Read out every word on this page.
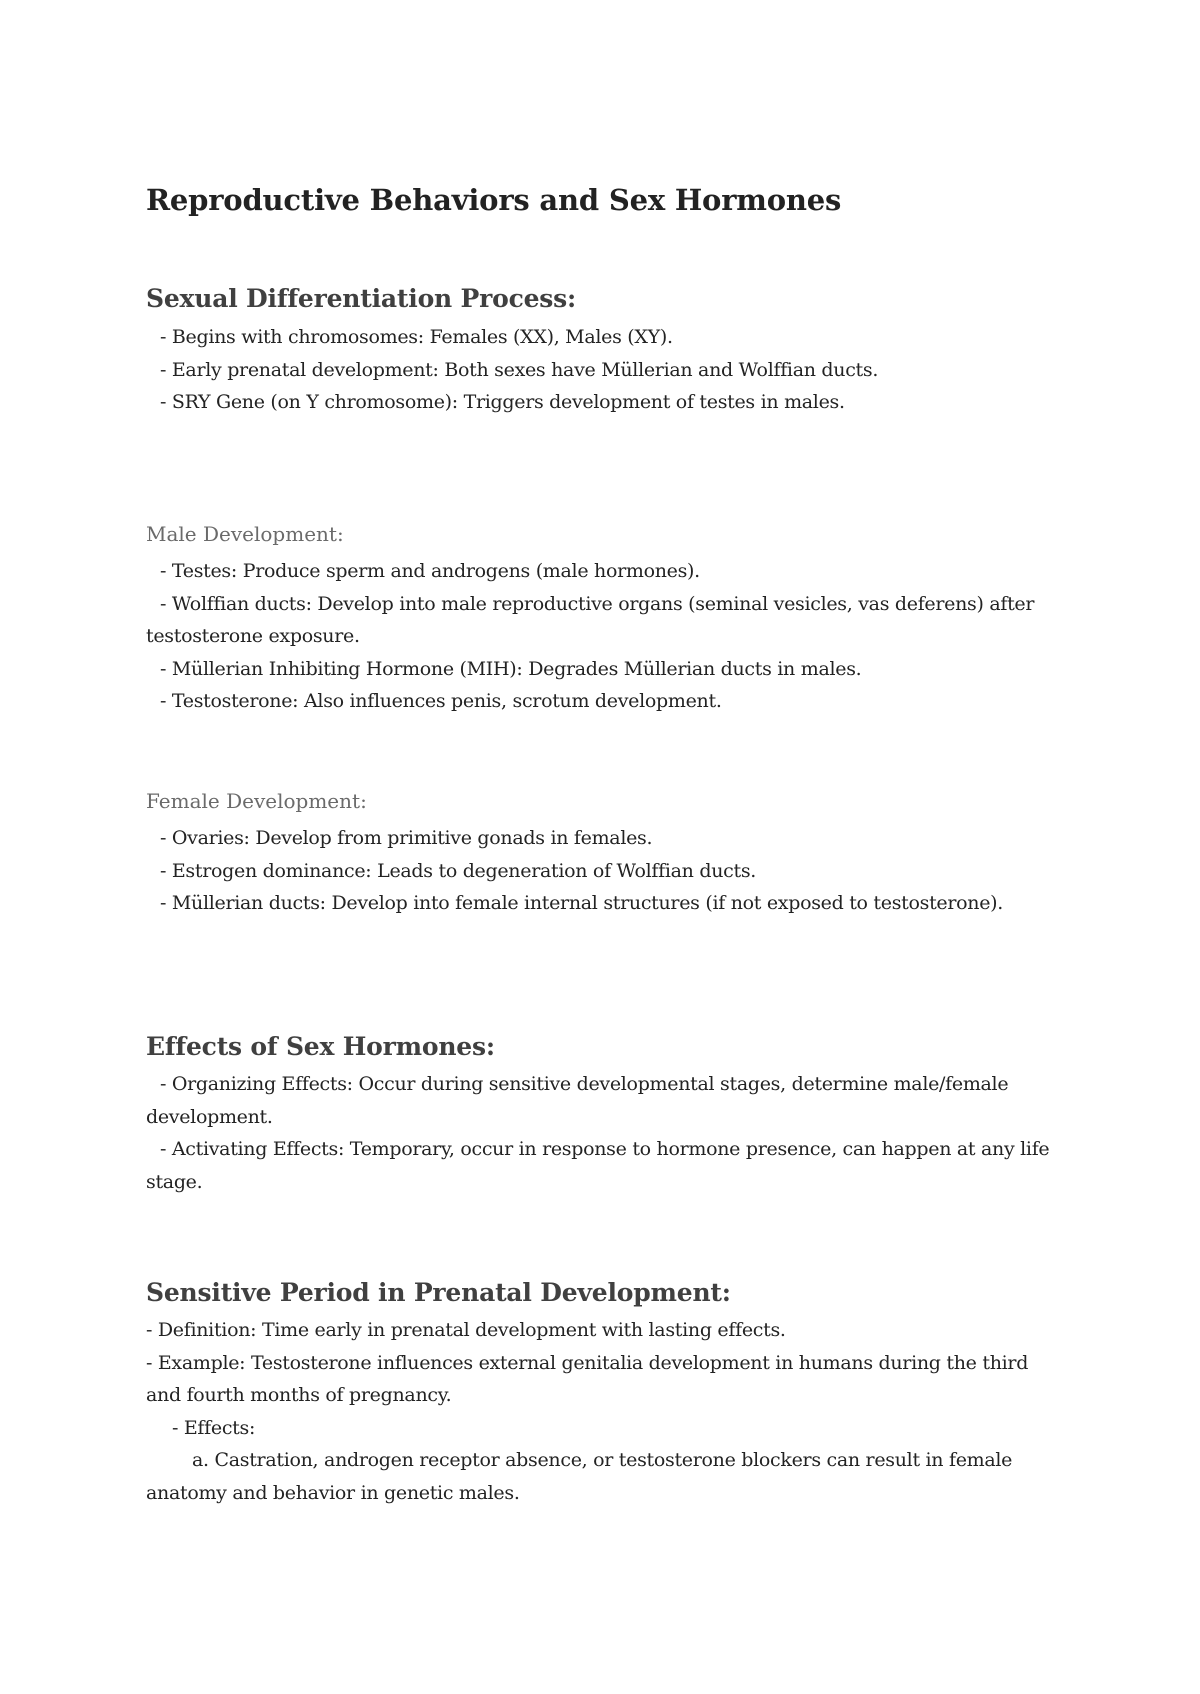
Reproductive Behaviors and Sex Hormones
Sexual Differentiation Process:
- Begins with chromosomes: Females (XX), Males (XY).
- Early prenatal development: Both sexes have Müllerian and Wolffian ducts.
- SRY Gene (on Y chromosome): Triggers development of testes in males.
Male Development:
- Testes: Produce sperm and androgens (male hormones).
- Wolffian ducts: Develop into male reproductive organs (seminal vesicles, vas deferens) after testosterone exposure.
- Müllerian Inhibiting Hormone (MIH): Degrades Müllerian ducts in males.
- Testosterone: Also influences penis, scrotum development.
Female Development:
- Ovaries: Develop from primitive gonads in females.
- Estrogen dominance: Leads to degeneration of Wolffian ducts.
- Müllerian ducts: Develop into female internal structures (if not exposed to testosterone).
Effects of Sex Hormones:
- Organizing Effects: Occur during sensitive developmental stages, determine male/female development.
- Activating Effects: Temporary, occur in response to hormone presence, can happen at any life stage.
Sensitive Period in Prenatal Development:
- Definition: Time early in prenatal development with lasting effects.
- Example: Testosterone influences external genitalia development in humans during the third and fourth months of pregnancy.
- Effects:
a. Castration, androgen receptor absence, or testosterone blockers can result in female anatomy and behavior in genetic males.
